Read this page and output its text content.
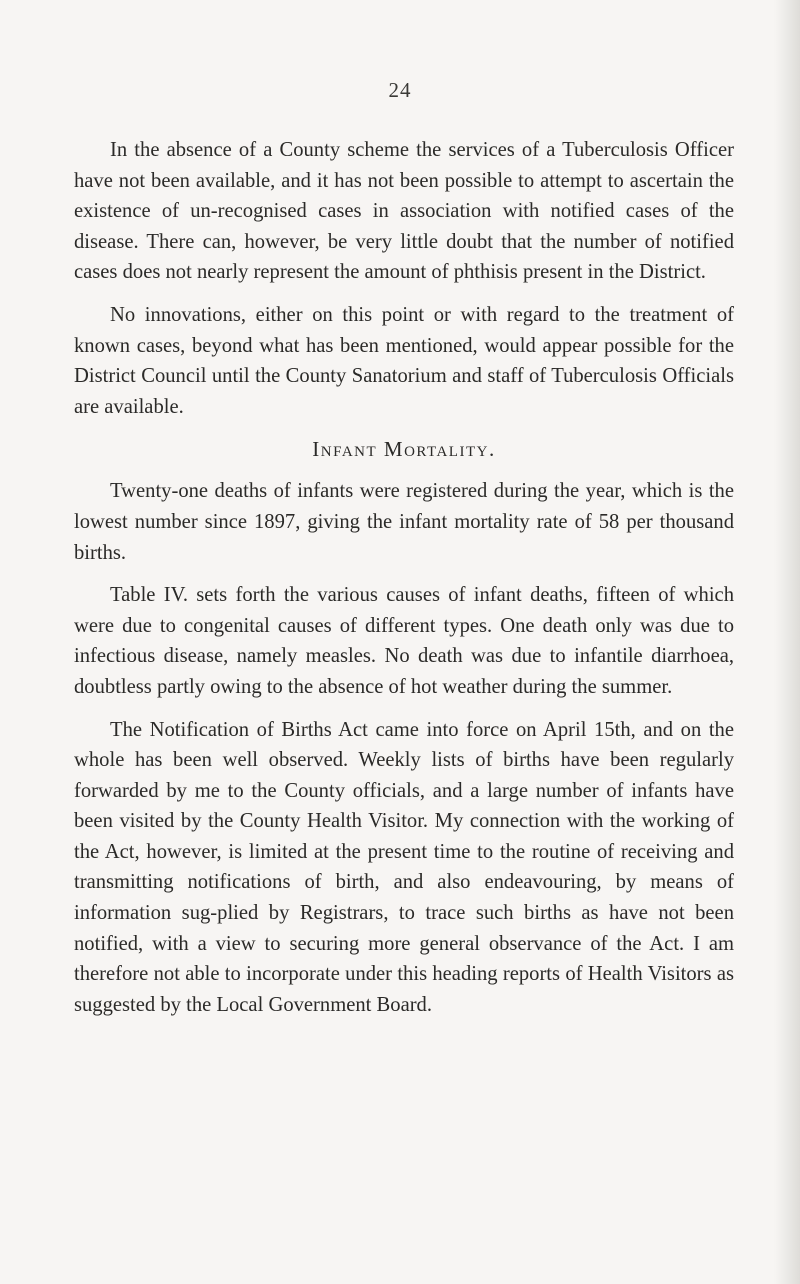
24

In the absence of a County scheme the services of a Tuberculosis Officer have not been available, and it has not been possible to attempt to ascertain the existence of un-recognised cases in association with notified cases of the disease. There can, however, be very little doubt that the number of notified cases does not nearly represent the amount of phthisis present in the District.

No innovations, either on this point or with regard to the treatment of known cases, beyond what has been mentioned, would appear possible for the District Council until the County Sanatorium and staff of Tuberculosis Officials are available.

Infant Mortality.

Twenty-one deaths of infants were registered during the year, which is the lowest number since 1897, giving the infant mortality rate of 58 per thousand births.

Table IV. sets forth the various causes of infant deaths, fifteen of which were due to congenital causes of different types. One death only was due to infectious disease, namely measles. No death was due to infantile diarrhoea, doubtless partly owing to the absence of hot weather during the summer.

The Notification of Births Act came into force on April 15th, and on the whole has been well observed. Weekly lists of births have been regularly forwarded by me to the County officials, and a large number of infants have been visited by the County Health Visitor. My connection with the working of the Act, however, is limited at the present time to the routine of receiving and transmitting notifications of birth, and also endeavouring, by means of information sug-plied by Registrars, to trace such births as have not been notified, with a view to securing more general observance of the Act. I am therefore not able to incorporate under this heading reports of Health Visitors as suggested by the Local Government Board.
